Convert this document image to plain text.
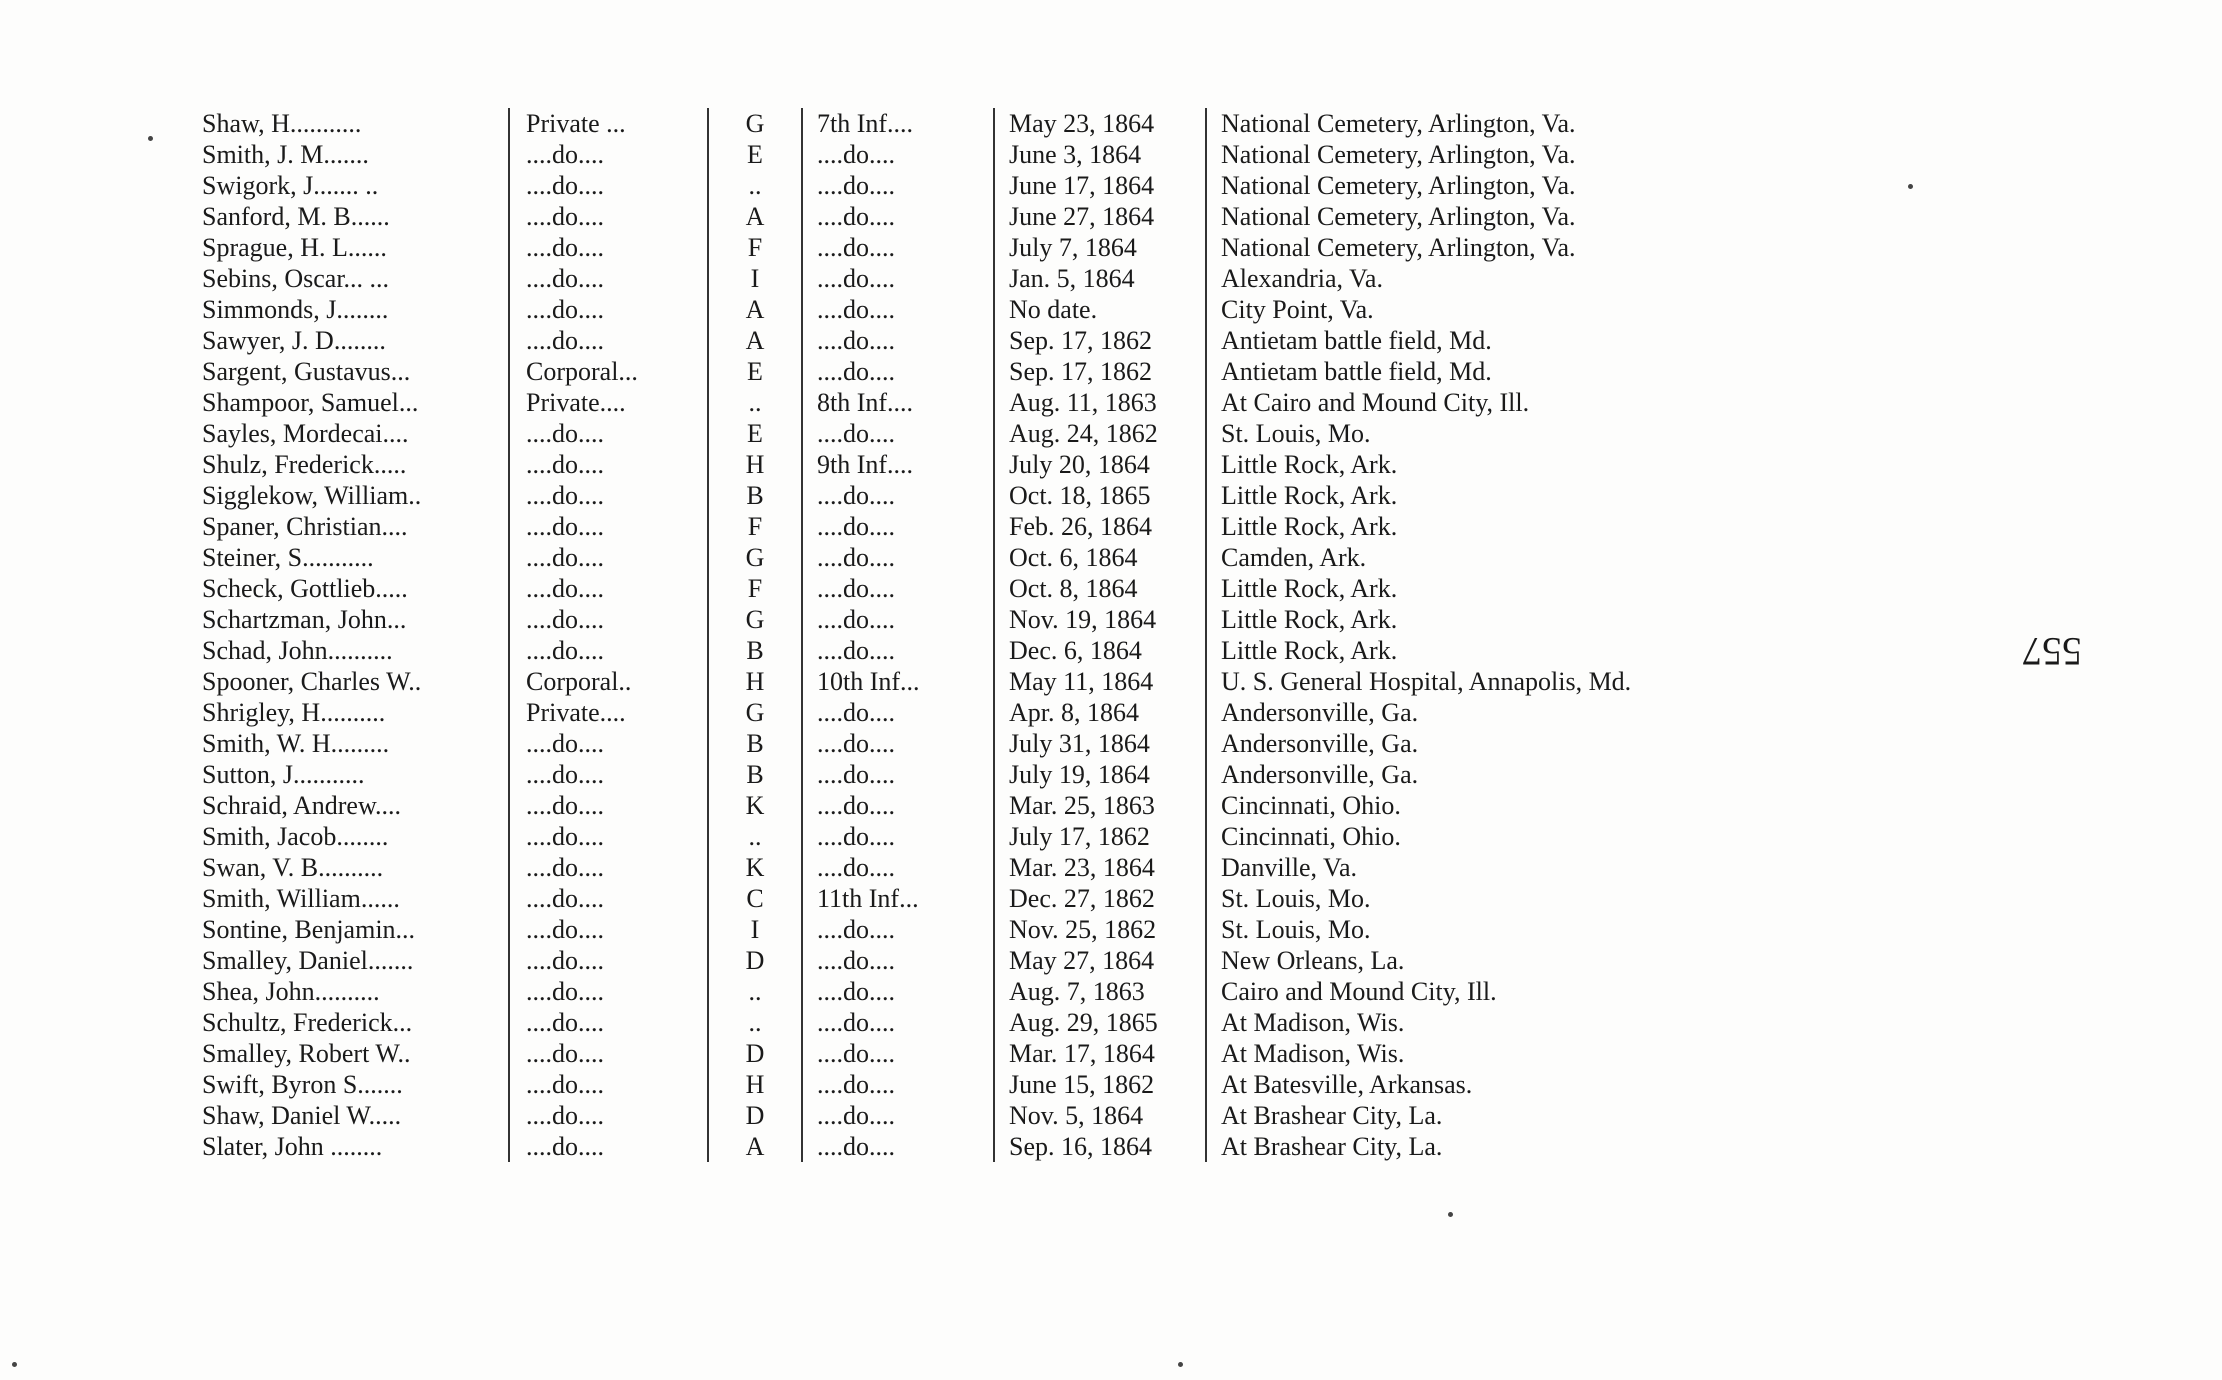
Shaw, H...........	Private ...	G	7th Inf....	May 23, 1864	National Cemetery, Arlington, Va.
Smith, J. M.......	....do....	E	....do....	June 3, 1864	National Cemetery, Arlington, Va.
Swigork, J....... ..	....do....	..	....do....	June 17, 1864	National Cemetery, Arlington, Va.
Sanford, M. B......	....do....	A	....do....	June 27, 1864	National Cemetery, Arlington, Va.
Sprague, H. L......	....do....	F	....do....	July 7, 1864	National Cemetery, Arlington, Va.
Sebins, Oscar... ...	....do....	I	....do....	Jan. 5, 1864	Alexandria, Va.
Simmonds, J........	....do....	A	....do....	No date.	City Point, Va.
Sawyer, J. D........	....do....	A	....do....	Sep. 17, 1862	Antietam battle field, Md.
Sargent, Gustavus...	Corporal...	E	....do....	Sep. 17, 1862	Antietam battle field, Md.
Shampoor, Samuel...	Private....	..	8th Inf....	Aug. 11, 1863	At Cairo and Mound City, Ill.
Sayles, Mordecai....	....do....	E	....do....	Aug. 24, 1862	St. Louis, Mo.
Shulz, Frederick.....	....do....	H	9th Inf....	July 20, 1864	Little Rock, Ark.
Sigglekow, William..	....do....	B	....do....	Oct. 18, 1865	Little Rock, Ark.
Spaner, Christian....	....do....	F	....do....	Feb. 26, 1864	Little Rock, Ark.
Steiner, S...........	....do....	G	....do....	Oct. 6, 1864	Camden, Ark.
Scheck, Gottlieb.....	....do....	F	....do....	Oct. 8, 1864	Little Rock, Ark.
Schartzman, John...	....do....	G	....do....	Nov. 19, 1864	Little Rock, Ark.
Schad, John..........	....do....	B	....do....	Dec. 6, 1864	Little Rock, Ark.
Spooner, Charles W..	Corporal..	H	10th Inf...	May 11, 1864	U. S. General Hospital, Annapolis, Md.
Shrigley, H..........	Private....	G	....do....	Apr. 8, 1864	Andersonville, Ga.
Smith, W. H.........	....do....	B	....do....	July 31, 1864	Andersonville, Ga.
Sutton, J...........	....do....	B	....do....	July 19, 1864	Andersonville, Ga.
Schraid, Andrew....	....do....	K	....do....	Mar. 25, 1863	Cincinnati, Ohio.
Smith, Jacob........	....do....	..	....do....	July 17, 1862	Cincinnati, Ohio.
Swan, V. B..........	....do....	K	....do....	Mar. 23, 1864	Danville, Va.
Smith, William......	....do....	C	11th Inf...	Dec. 27, 1862	St. Louis, Mo.
Sontine, Benjamin...	....do....	I	....do....	Nov. 25, 1862	St. Louis, Mo.
Smalley, Daniel.......	....do....	D	....do....	May 27, 1864	New Orleans, La.
Shea, John..........	....do....	..	....do....	Aug. 7, 1863	Cairo and Mound City, Ill.
Schultz, Frederick...	....do....	..	....do....	Aug. 29, 1865	At Madison, Wis.
Smalley, Robert W..	....do....	D	....do....	Mar. 17, 1864	At Madison, Wis.
Swift, Byron S.......	....do....	H	....do....	June 15, 1862	At Batesville, Arkansas.
Shaw, Daniel W.....	....do....	D	....do....	Nov. 5, 1864	At Brashear City, La.
Slater, John ........	....do....	A	....do....	Sep. 16, 1864	At Brashear City, La.
557
